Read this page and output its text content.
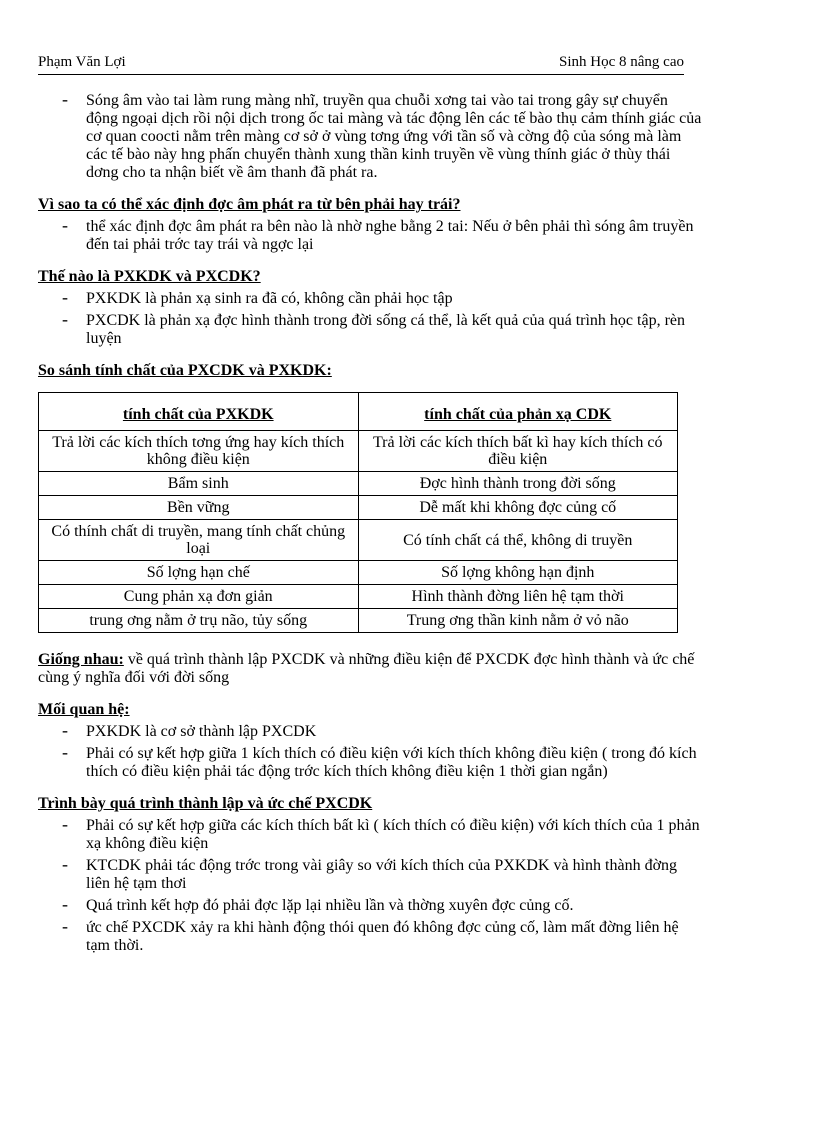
Phạm Văn Lợi	Sinh Học 8 nâng cao
- Sóng âm vào tai làm rung màng nhĩ, truyền qua chuỗi xơng tai vào tai trong gây sự chuyển động ngoại dịch rồi nội dịch trong ốc tai màng và tác động lên các tế bào thụ cảm thính giác của cơ quan coocti nằm trên màng cơ sở ở vùng tơng ứng với tần số và cờng độ của sóng mà làm các tế bào này hng phấn chuyển thành xung thần kinh truyền về vùng thính giác ở thùy thái dơng cho ta nhận biết về âm thanh đã phát ra.
Vì sao ta có thể xác định đợc âm phát ra từ bên phải hay trái?
- thể xác định đợc âm phát ra bên nào là nhờ nghe bằng 2 tai: Nếu ở bên phải thì sóng âm truyền đến tai phải trớc tay trái và ngợc lại
Thế nào là PXKDK và PXCDK?
- PXKDK là phản xạ sinh ra đã có, không cần phải học tập
- PXCDK là phản xạ đợc hình thành trong đời sống cá thể, là kết quả của quá trình học tập, rèn luyện
So sánh tính chất của PXCDK và PXKDK:
tính chất của PXKDK	tính chất của phản xạ CDK
Trả lời các kích thích tơng ứng hay kích thích không điều kiện	Trả lời các kích thích bất kì hay kích thích có điều kiện
Bẩm sinh	Đợc hình thành trong đời sống
Bền vững	Dễ mất khi không đợc củng cố
Có thính chất di truyền, mang tính chất chủng loại	Có tính chất cá thể, không di truyền
Số lợng hạn chế	Số lợng không hạn định
Cung phản xạ đơn giản	Hình thành đờng liên hệ tạm thời
trung ơng nằm ở trụ não, tủy sống	Trung ơng thần kinh nằm ở vỏ não
Giống nhau: về quá trình thành lập PXCDK và những điều kiện để PXCDK đợc hình thành và ức chế cùng ý nghĩa đối với đời sống
Mối quan hệ:
- PXKDK là cơ sở thành lập PXCDK
- Phải có sự kết hợp giữa 1 kích thích có điều kiện với kích thích không điều kiện ( trong đó kích thích có điều kiện phải tác động trớc kích thích không điều kiện 1 thời gian ngắn)
Trình bày quá trình thành lập và ức chế PXCDK
- Phải có sự kết hợp giữa các kích thích bất kì ( kích thích có điều kiện) với kích thích của 1 phản xạ không điều kiện
- KTCDK phải tác động trớc trong vài giây so với kích thích của PXKDK và hình thành đờng liên hệ tạm thơi
- Quá trình kết hợp đó phải đợc lặp lại nhiều lần và thờng xuyên đợc củng cố.
- ức chế PXCDK xảy ra khi hành động thói quen đó không đợc củng cố, làm mất đờng liên hệ tạm thời.
